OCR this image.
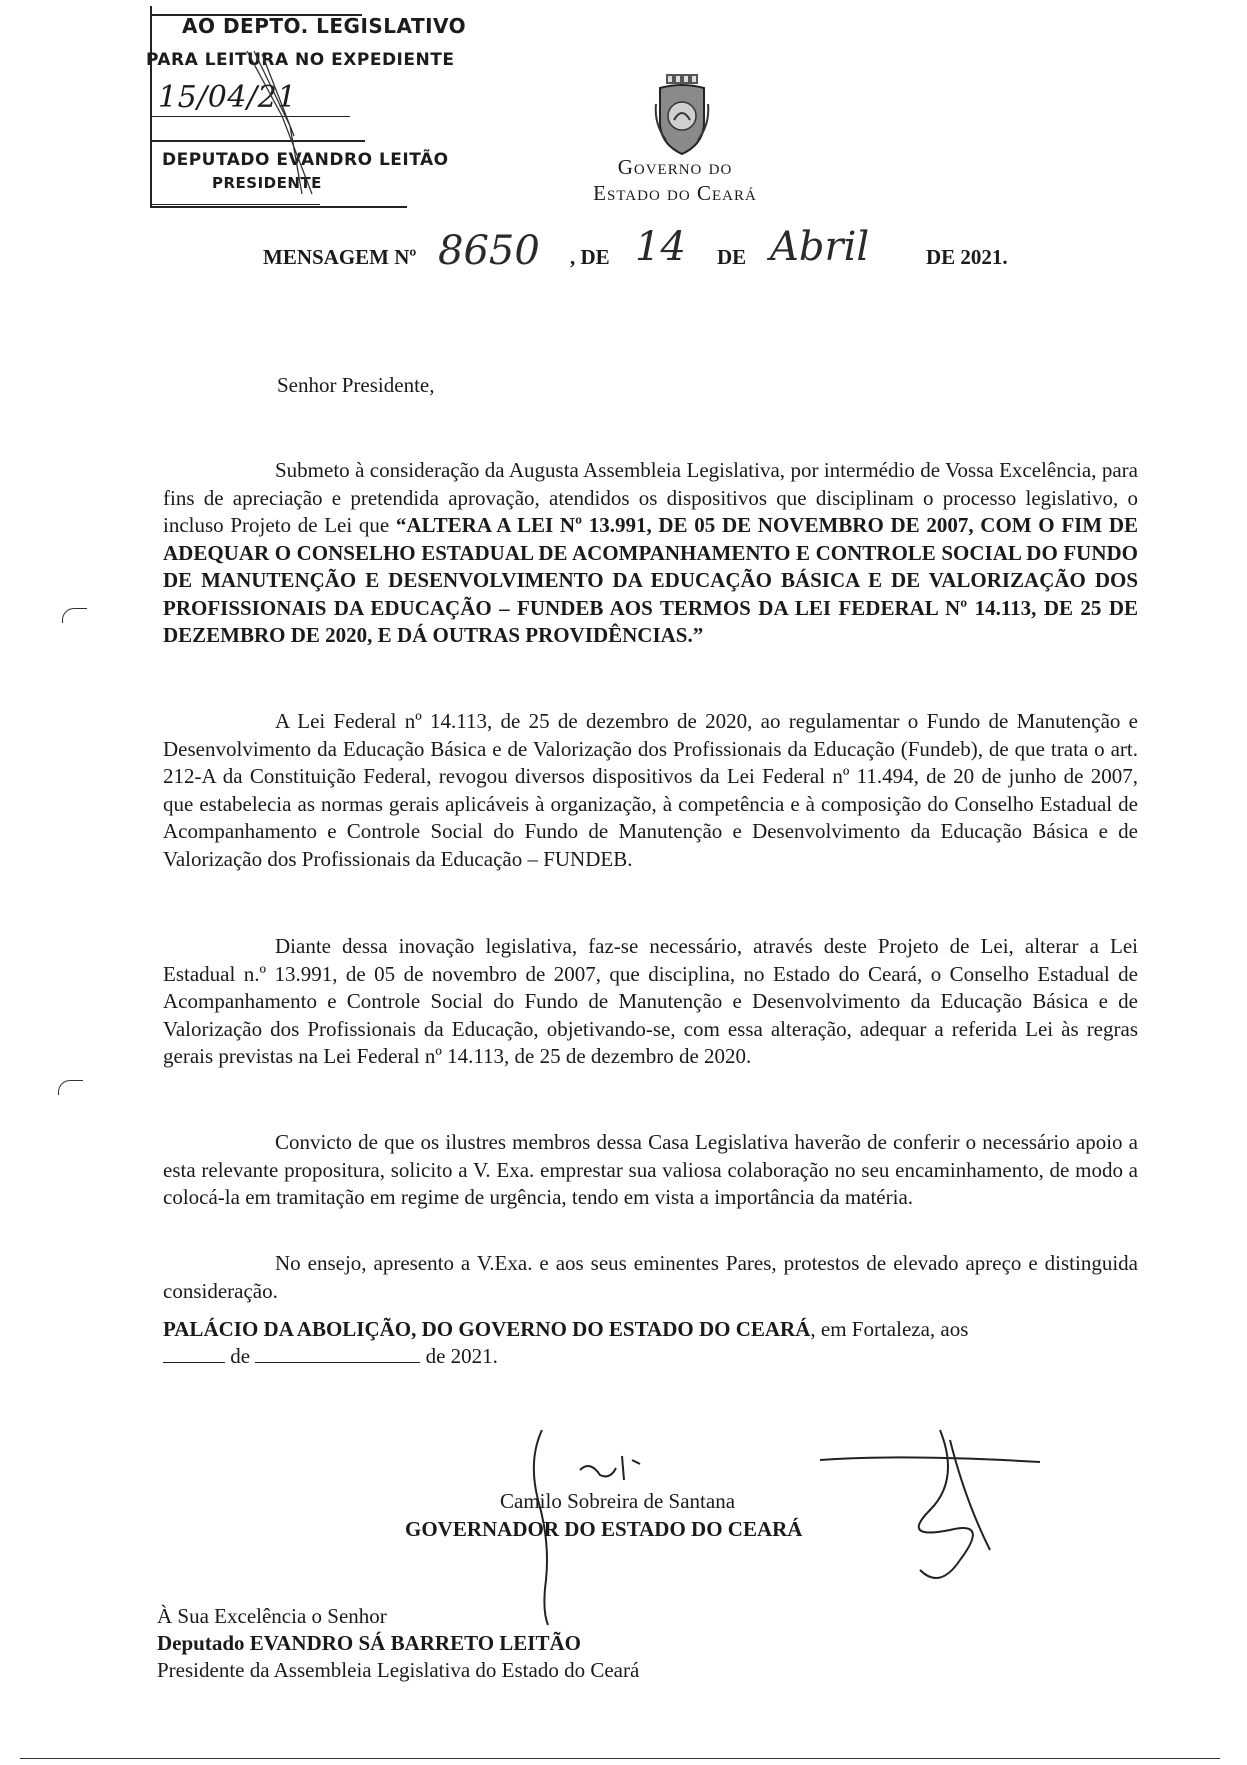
AO DEPTO. LEGISLATIVO
PARA LEITURA NO EXPEDIENTE
15/04/21
DEPUTADO EVANDRO LEITÃO
PRESIDENTE
Governo do
Estado do Ceará
MENSAGEM Nº 8650 , DE 14 DE Abril	DE 2021.
Senhor Presidente,
Submeto à consideração da Augusta Assembleia Legislativa, por intermédio de Vossa Excelência, para fins de apreciação e pretendida aprovação, atendidos os dispositivos que disciplinam o processo legislativo, o incluso Projeto de Lei que “ALTERA A LEI Nº 13.991, DE 05 DE NOVEMBRO DE 2007, COM O FIM DE ADEQUAR O CONSELHO ESTADUAL DE ACOMPANHAMENTO E CONTROLE SOCIAL DO FUNDO DE MANUTENÇÃO E DESENVOLVIMENTO DA EDUCAÇÃO BÁSICA E DE VALORIZAÇÃO DOS PROFISSIONAIS DA EDUCAÇÃO – FUNDEB AOS TERMOS DA LEI FEDERAL Nº 14.113, DE 25 DE DEZEMBRO DE 2020, E DÁ OUTRAS PROVIDÊNCIAS.”
A Lei Federal nº 14.113, de 25 de dezembro de 2020, ao regulamentar o Fundo de Manutenção e Desenvolvimento da Educação Básica e de Valorização dos Profissionais da Educação (Fundeb), de que trata o art. 212-A da Constituição Federal, revogou diversos dispositivos da Lei Federal nº 11.494, de 20 de junho de 2007, que estabelecia as normas gerais aplicáveis à organização, à competência e à composição do Conselho Estadual de Acompanhamento e Controle Social do Fundo de Manutenção e Desenvolvimento da Educação Básica e de Valorização dos Profissionais da Educação – FUNDEB.
Diante dessa inovação legislativa, faz-se necessário, através deste Projeto de Lei, alterar a Lei Estadual n.º 13.991, de 05 de novembro de 2007, que disciplina, no Estado do Ceará, o Conselho Estadual de Acompanhamento e Controle Social do Fundo de Manutenção e Desenvolvimento da Educação Básica e de Valorização dos Profissionais da Educação, objetivando-se, com essa alteração, adequar a referida Lei às regras gerais previstas na Lei Federal nº 14.113, de 25 de dezembro de 2020.
Convicto de que os ilustres membros dessa Casa Legislativa haverão de conferir o necessário apoio a esta relevante propositura, solicito a V. Exa. emprestar sua valiosa colaboração no seu encaminhamento, de modo a colocá-la em tramitação em regime de urgência, tendo em vista a importância da matéria.
No ensejo, apresento a V.Exa. e aos seus eminentes Pares, protestos de elevado apreço e distinguida consideração.
PALÁCIO DA ABOLIÇÃO, DO GOVERNO DO ESTADO DO CEARÁ, em Fortaleza, aos
de	de 2021.
Camilo Sobreira de Santana
GOVERNADOR DO ESTADO DO CEARÁ
À Sua Excelência o Senhor
Deputado EVANDRO SÁ BARRETO LEITÃO
Presidente da Assembleia Legislativa do Estado do Ceará
